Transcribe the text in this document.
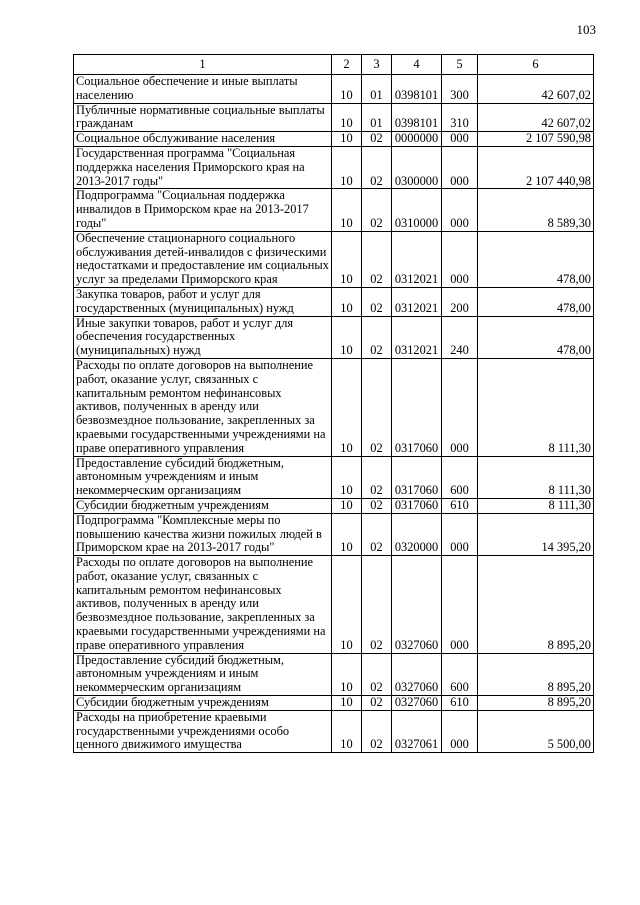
103
1	2	3	4	5	6
Социальное обеспечение и иные выплаты населению	10	01	0398101	300	42 607,02
Публичные нормативные социальные выплаты гражданам	10	01	0398101	310	42 607,02
Социальное обслуживание населения	10	02	0000000	000	2 107 590,98
Государственная программа "Социальная поддержка населения Приморского края на 2013-2017 годы"	10	02	0300000	000	2 107 440,98
Подпрограмма "Социальная поддержка инвалидов в Приморском крае на 2013-2017 годы"	10	02	0310000	000	8 589,30
Обеспечение стационарного социального обслуживания детей-инвалидов с физическими недостатками и предоставление им социальных услуг за пределами Приморского края	10	02	0312021	000	478,00
Закупка товаров, работ и услуг для государственных (муниципальных) нужд	10	02	0312021	200	478,00
Иные закупки товаров, работ и услуг для обеспечения государственных (муниципальных) нужд	10	02	0312021	240	478,00
Расходы по оплате договоров на выполнение работ, оказание услуг, связанных с капитальным ремонтом нефинансовых активов, полученных в аренду или безвозмездное пользование, закрепленных за краевыми государственными учреждениями на праве оперативного управления	10	02	0317060	000	8 111,30
Предоставление субсидий бюджетным, автономным учреждениям и иным некоммерческим организациям	10	02	0317060	600	8 111,30
Субсидии бюджетным учреждениям	10	02	0317060	610	8 111,30
Подпрограмма "Комплексные меры по повышению качества жизни пожилых людей в Приморском крае на 2013-2017 годы"	10	02	0320000	000	14 395,20
Расходы по оплате договоров на выполнение работ, оказание услуг, связанных с капитальным ремонтом нефинансовых активов, полученных в аренду или безвозмездное пользование, закрепленных за краевыми государственными учреждениями на праве оперативного управления	10	02	0327060	000	8 895,20
Предоставление субсидий бюджетным, автономным учреждениям и иным некоммерческим организациям	10	02	0327060	600	8 895,20
Субсидии бюджетным учреждениям	10	02	0327060	610	8 895,20
Расходы на приобретение краевыми государственными учреждениями особо ценного движимого имущества	10	02	0327061	000	5 500,00
